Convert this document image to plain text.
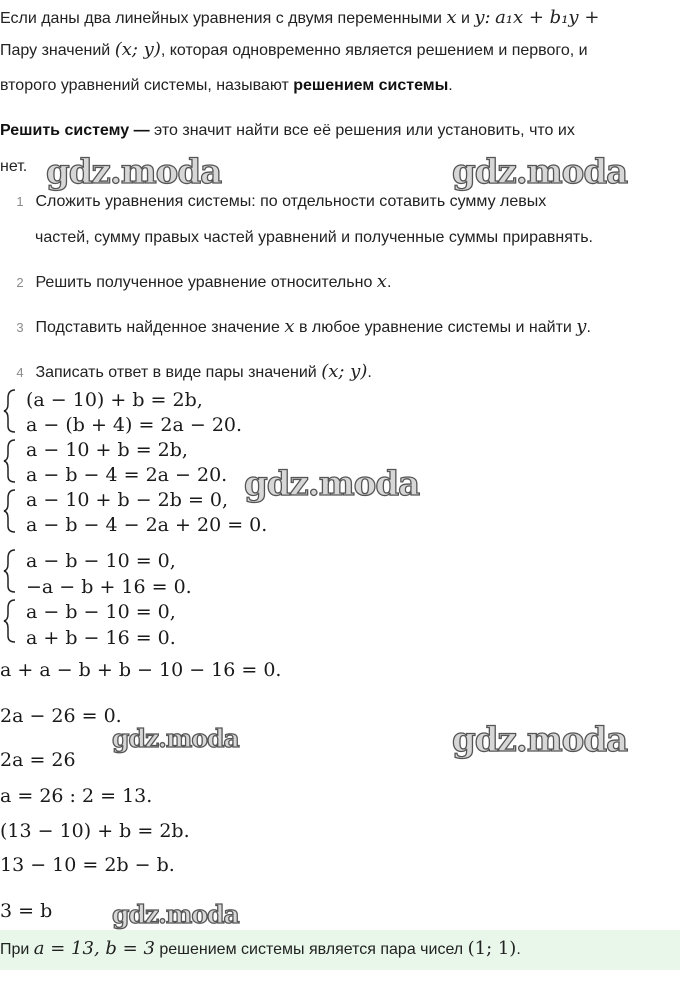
Если даны два линейных уравнения с двумя переменными x и y: a₁x + b₁y +
Пару значений (x; y), которая одновременно является решением и первого, и
второго уравнений системы, называют решением системы.
Решить систему — это значит найти все её решения или установить, что их
нет. gdz.moda	gdz.moda
1 Сложить уравнения системы: по отдельности сотавить сумму левых
частей, сумму правых частей уравнений и полученные суммы приравнять.
2 Решить полученное уравнение относительно x.
3 Подставить найденное значение x в любое уравнение системы и найти y.
4 Записать ответ в виде пары значений (x; y).
(a − 10) + b = 2b,
a − (b + 4) = 2a − 20.
a − 10 + b = 2b,
a − b − 4 = 2a − 20.
a − 10 + b − 2b = 0,
a − b − 4 − 2a + 20 = 0.
gdz.moda
a − b − 10 = 0,
−a − b + 16 = 0.
a − b − 10 = 0,
a + b − 16 = 0.
a + a − b + b − 10 − 16 = 0.
2a − 26 = 0.
2a = 26
a = 26 : 2 = 13.
(13 − 10) + b = 2b.
13 − 10 = 2b − b.
3 = b
gdz.moda	gdz.moda
gdz.moda
При a = 13, b = 3 решением системы является пара чисел (1; 1).
